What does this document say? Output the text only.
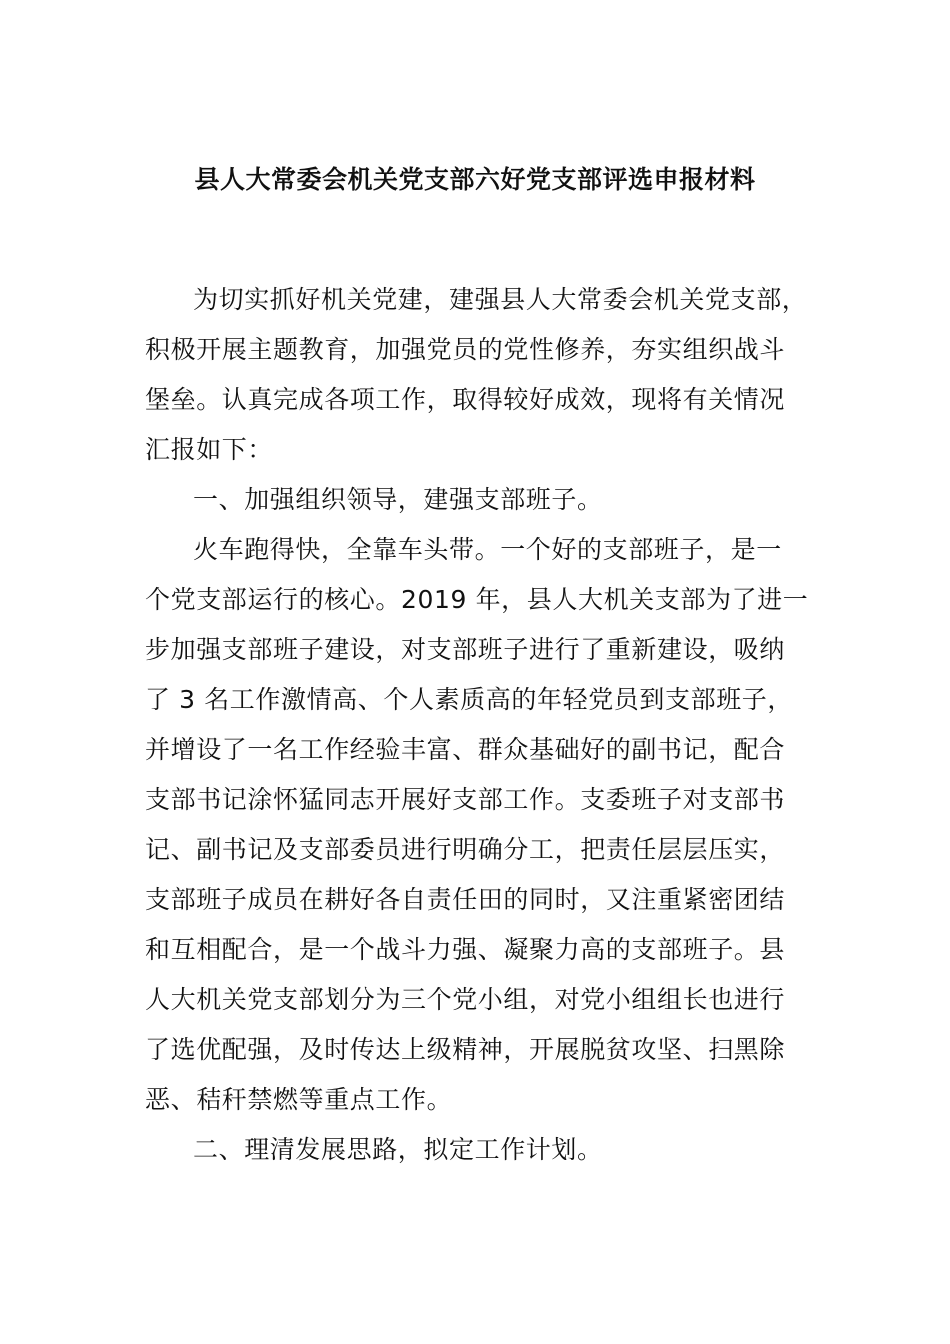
县人大常委会机关党支部六好党支部评选申报材料
为切实抓好机关党建，建强县人大常委会机关党支部，
积极开展主题教育，加强党员的党性修养，夯实组织战斗
堡垒。认真完成各项工作，取得较好成效，现将有关情况
汇报如下：
一、加强组织领导，建强支部班子。
火车跑得快，全靠车头带。一个好的支部班子，是一
个党支部运行的核心。2019 年，县人大机关支部为了进一
步加强支部班子建设，对支部班子进行了重新建设，吸纳
了 3 名工作激情高、个人素质高的年轻党员到支部班子，
并增设了一名工作经验丰富、群众基础好的副书记，配合
支部书记涂怀猛同志开展好支部工作。支委班子对支部书
记、副书记及支部委员进行明确分工，把责任层层压实，
支部班子成员在耕好各自责任田的同时，又注重紧密团结
和互相配合，是一个战斗力强、凝聚力高的支部班子。县
人大机关党支部划分为三个党小组，对党小组组长也进行
了选优配强，及时传达上级精神，开展脱贫攻坚、扫黑除
恶、秸秆禁燃等重点工作。
二、理清发展思路，拟定工作计划。
